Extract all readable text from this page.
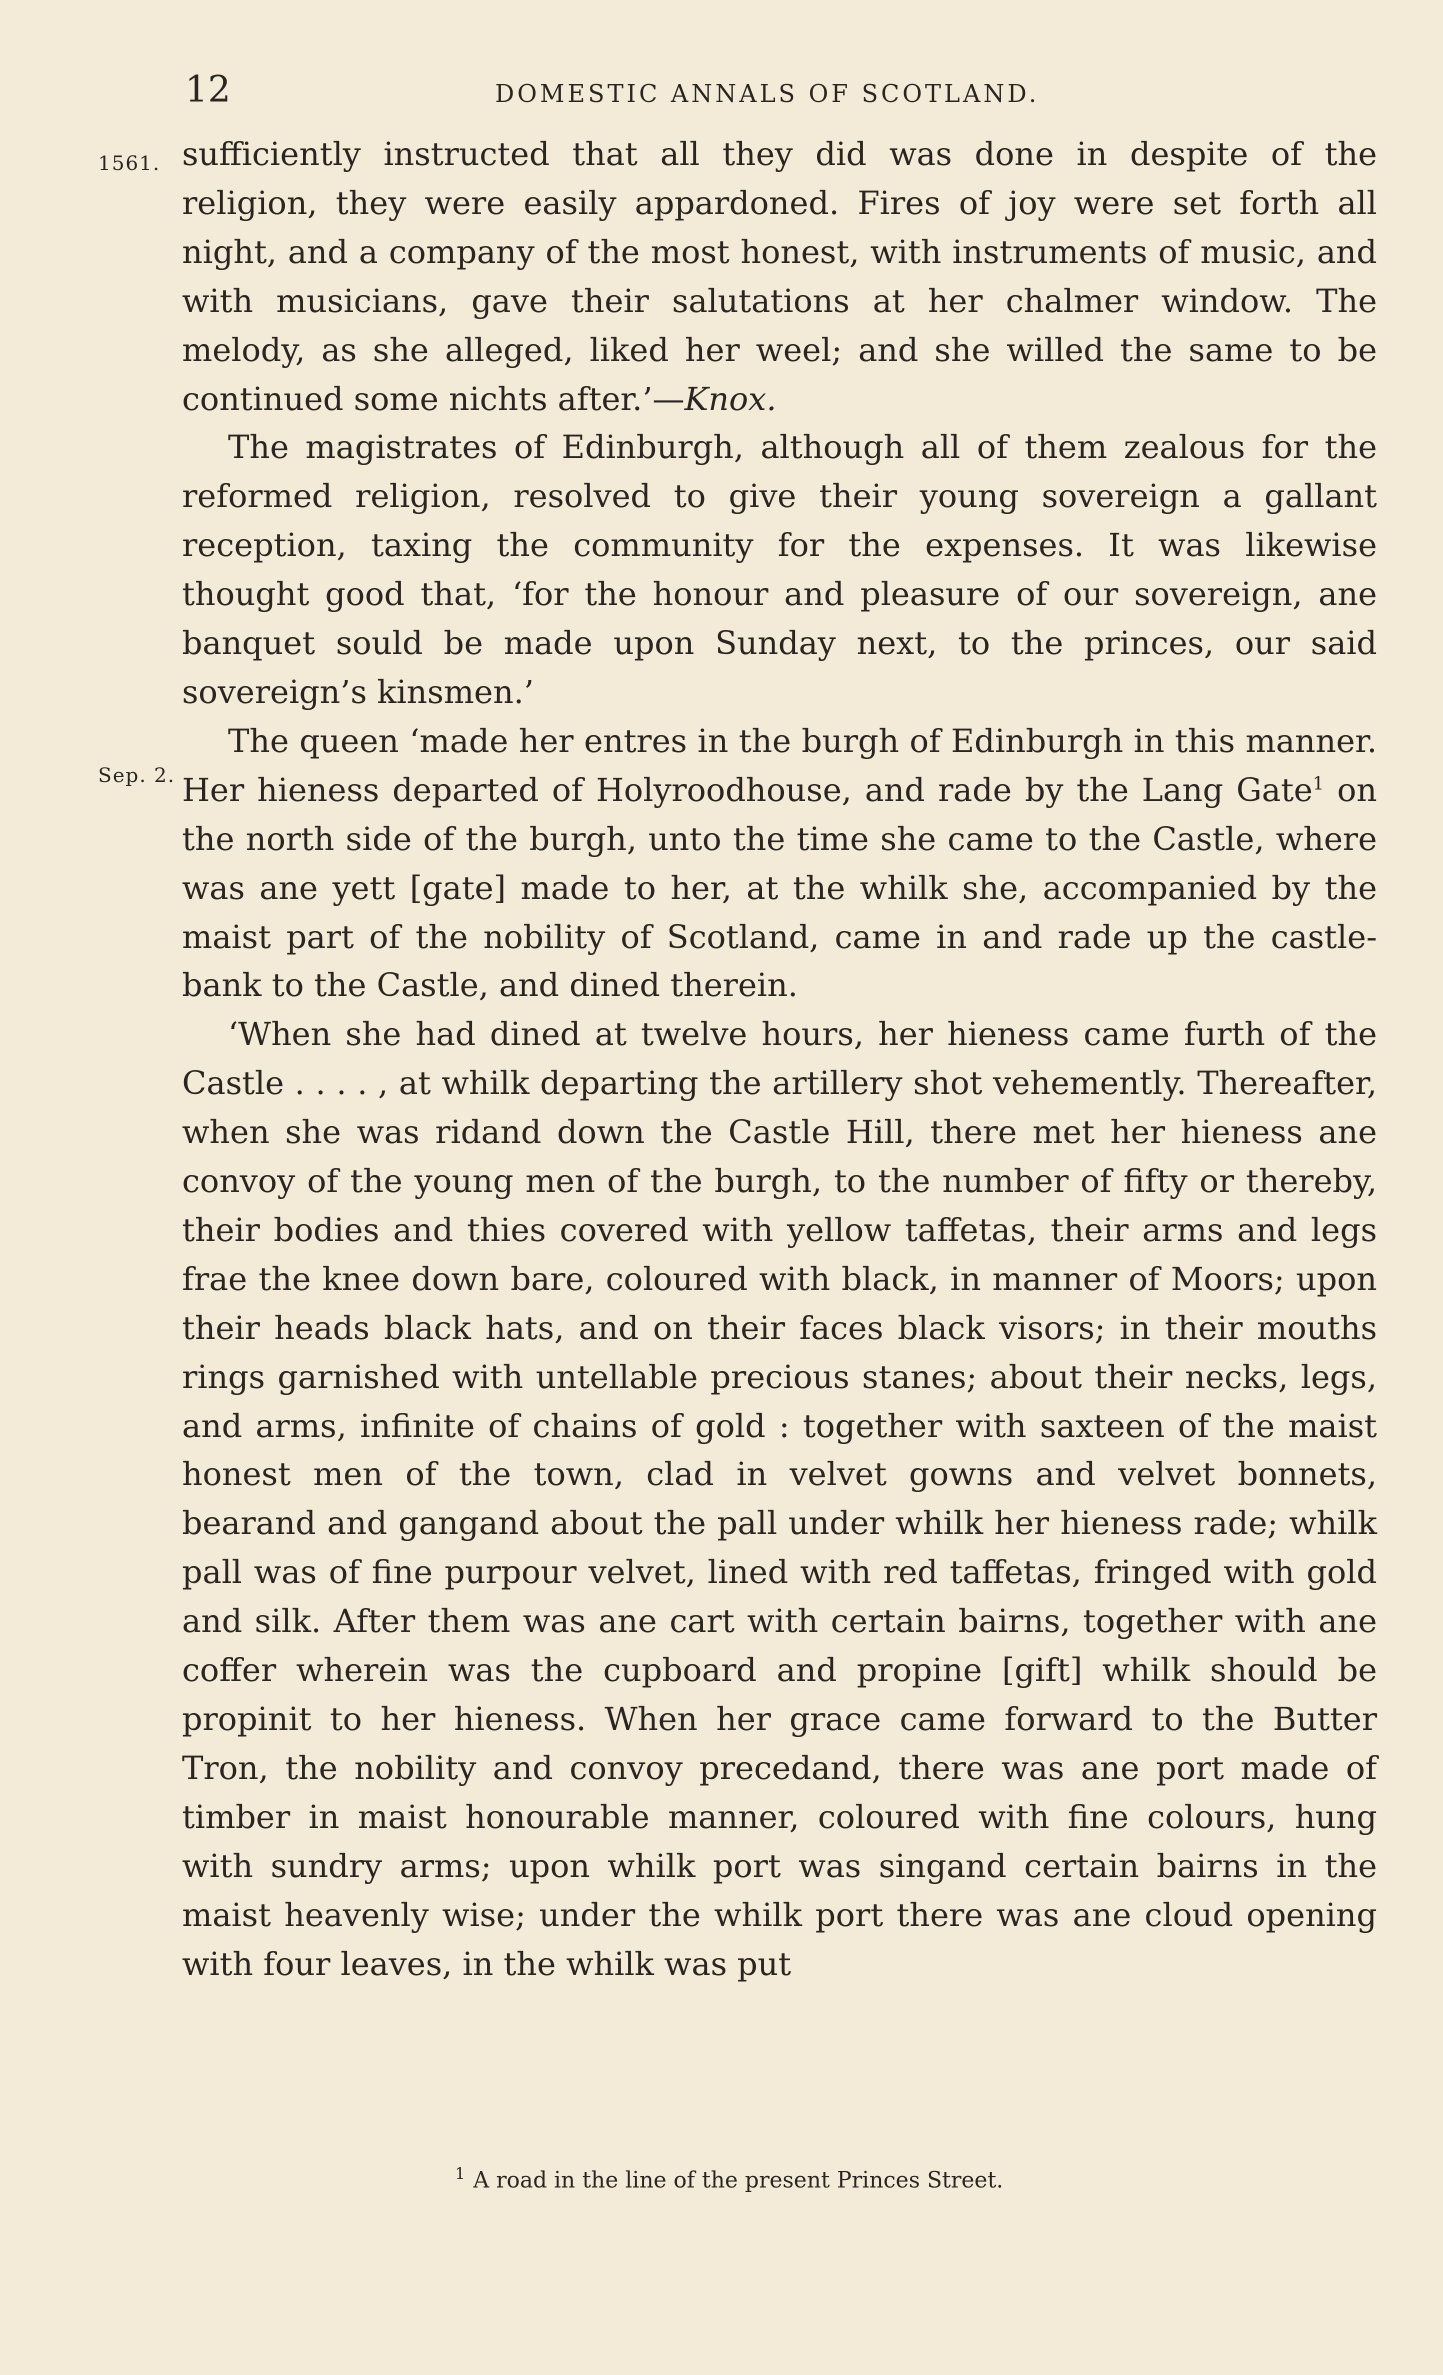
12	DOMESTIC ANNALS OF SCOTLAND.
1561.
Sep. 2.

sufficiently instructed that all they did was done in despite of the religion, they were easily appardoned. Fires of joy were set forth all night, and a company of the most honest, with instruments of music, and with musicians, gave their salutations at her chalmer window. The melody, as she alleged, liked her weel; and she willed the same to be continued some nichts after.’—Knox.

The magistrates of Edinburgh, although all of them zealous for the reformed religion, resolved to give their young sovereign a gallant reception, taxing the community for the expenses. It was likewise thought good that, ‘for the honour and pleasure of our sovereign, ane banquet sould be made upon Sunday next, to the princes, our said sovereign’s kinsmen.’

The queen ‘made her entres in the burgh of Edinburgh in this manner. Her hieness departed of Holyroodhouse, and rade by the Lang Gate$^1$ on the north side of the burgh, unto the time she came to the Castle, where was ane yett [gate] made to her, at the whilk she, accompanied by the maist part of the nobility of Scotland, came in and rade up the castle-bank to the Castle, and dined therein.

‘When she had dined at twelve hours, her hieness came furth of the Castle . . . . , at whilk departing the artillery shot vehemently. Thereafter, when she was ridand down the Castle Hill, there met her hieness ane convoy of the young men of the burgh, to the number of fifty or thereby, their bodies and thies covered with yellow taffetas, their arms and legs frae the knee down bare, coloured with black, in manner of Moors; upon their heads black hats, and on their faces black visors; in their mouths rings garnished with untellable precious stanes; about their necks, legs, and arms, infinite of chains of gold : together with saxteen of the maist honest men of the town, clad in velvet gowns and velvet bonnets, bearand and gangand about the pall under whilk her hieness rade; whilk pall was of fine purpour velvet, lined with red taffetas, fringed with gold and silk. After them was ane cart with certain bairns, together with ane coffer wherein was the cupboard and propine [gift] whilk should be propinit to her hieness. When her grace came forward to the Butter Tron, the nobility and convoy precedand, there was ane port made of timber in maist honourable manner, coloured with fine colours, hung with sundry arms; upon whilk port was singand certain bairns in the maist heavenly wise; under the whilk port there was ane cloud opening with four leaves, in the whilk was put

$^1$ A road in the line of the present Princes Street.
